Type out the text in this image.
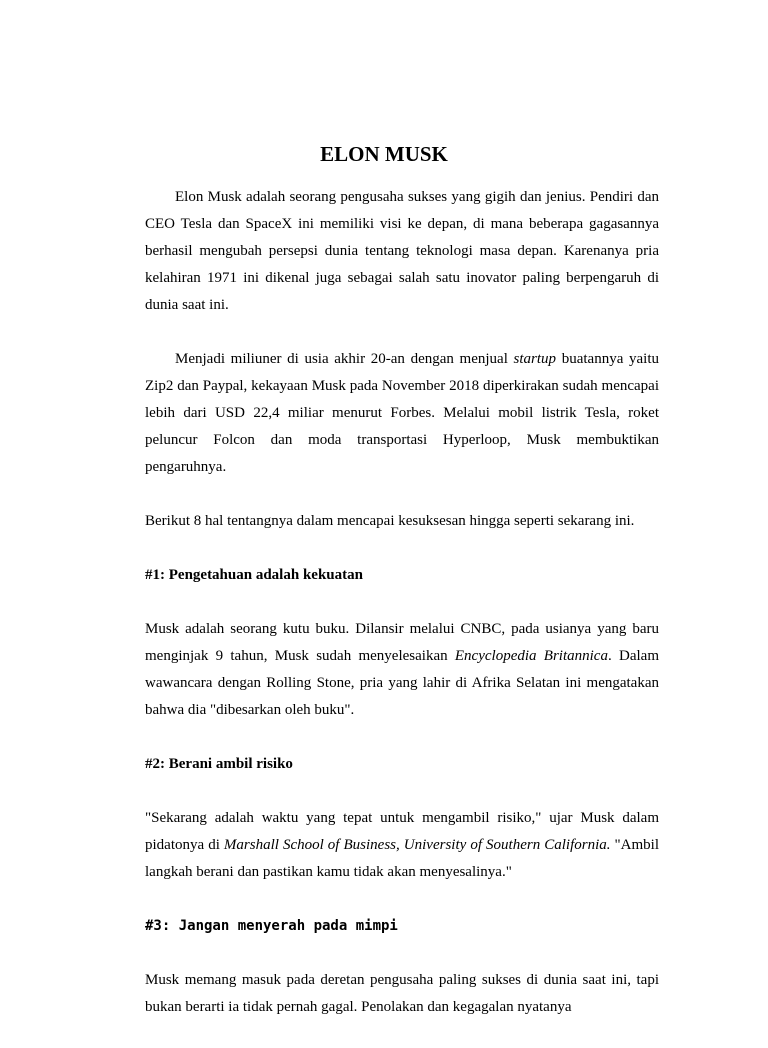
ELON MUSK

Elon Musk adalah seorang pengusaha sukses yang gigih dan jenius. Pendiri dan CEO Tesla dan SpaceX ini memiliki visi ke depan, di mana beberapa gagasannya berhasil mengubah persepsi dunia tentang teknologi masa depan. Karenanya pria kelahiran 1971 ini dikenal juga sebagai salah satu inovator paling berpengaruh di dunia saat ini.

Menjadi miliuner di usia akhir 20-an dengan menjual startup buatannya yaitu Zip2 dan Paypal, kekayaan Musk pada November 2018 diperkirakan sudah mencapai lebih dari USD 22,4 miliar menurut Forbes. Melalui mobil listrik Tesla, roket peluncur Folcon dan moda transportasi Hyperloop, Musk membuktikan pengaruhnya.

Berikut 8 hal tentangnya dalam mencapai kesuksesan hingga seperti sekarang ini.

#1: Pengetahuan adalah kekuatan

Musk adalah seorang kutu buku. Dilansir melalui CNBC, pada usianya yang baru menginjak 9 tahun, Musk sudah menyelesaikan Encyclopedia Britannica. Dalam wawancara dengan Rolling Stone, pria yang lahir di Afrika Selatan ini mengatakan bahwa dia "dibesarkan oleh buku".

#2: Berani ambil risiko

"Sekarang adalah waktu yang tepat untuk mengambil risiko," ujar Musk dalam pidatonya di Marshall School of Business, University of Southern California. "Ambil langkah berani dan pastikan kamu tidak akan menyesalinya."

#3: Jangan menyerah pada mimpi

Musk memang masuk pada deretan pengusaha paling sukses di dunia saat ini, tapi bukan berarti ia tidak pernah gagal. Penolakan dan kegagalan nyatanya
